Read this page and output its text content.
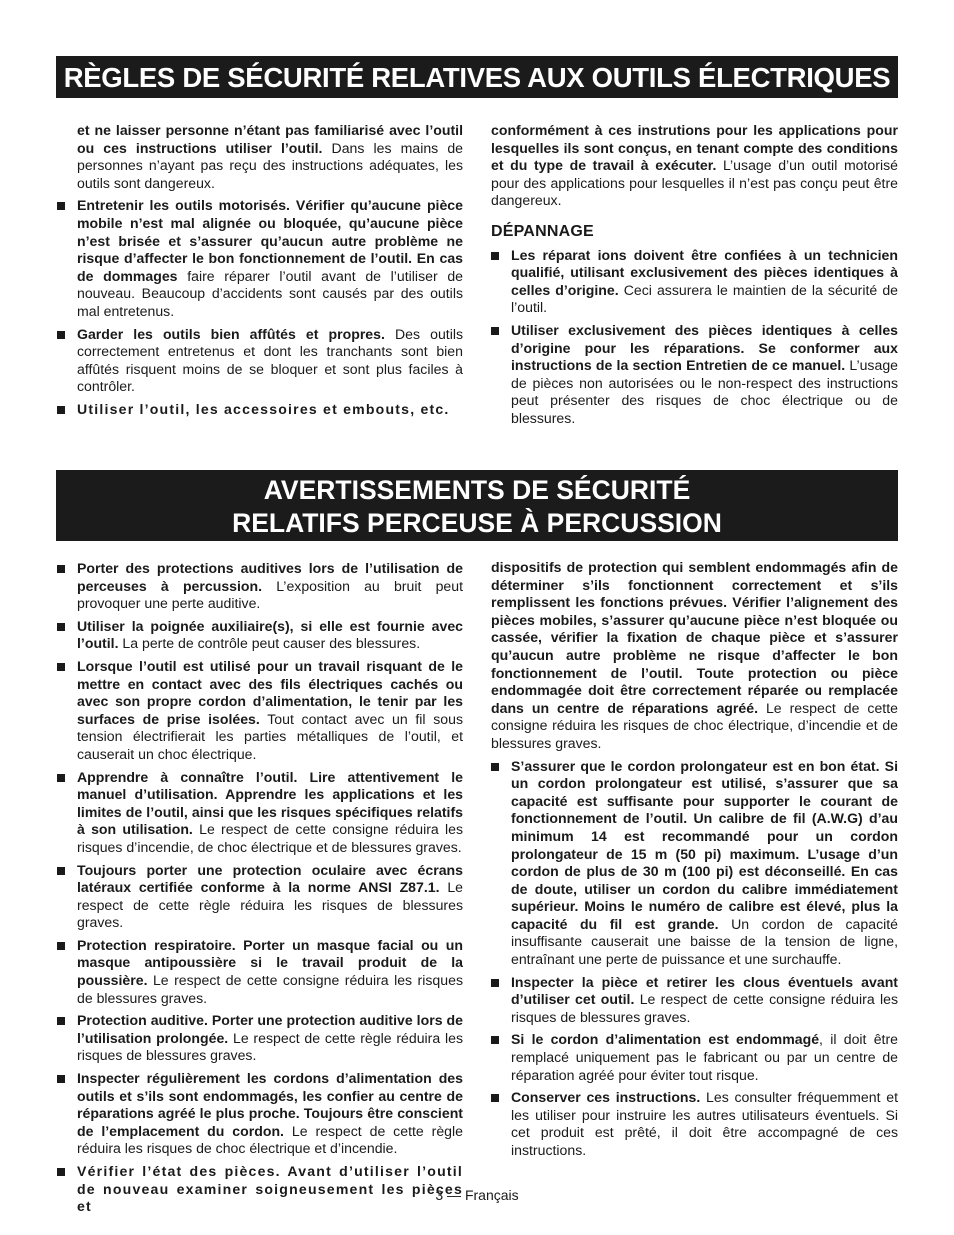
RÈGLES DE SÉCURITÉ RELATIVES AUX OUTILS ÉLECTRIQUES

et ne laisser personne n’étant pas familiarisé avec l’outil ou ces instructions utiliser l’outil. Dans les mains de personnes n’ayant pas reçu des instructions adéquates, les outils sont dangereux.

Entretenir les outils motorisés. Vérifier qu’aucune pièce mobile n’est mal alignée ou bloquée, qu’aucune pièce n’est brisée et s’assurer qu’aucun autre problème ne risque d’affecter le bon fonctionnement de l’outil. En cas de dommages faire réparer l’outil avant de l’utiliser de nouveau. Beaucoup d’accidents sont causés par des outils mal entretenus.

Garder les outils bien affûtés et propres. Des outils correctement entretenus et dont les tranchants sont bien affûtés risquent moins de se bloquer et sont plus faciles à contrôler.

Utiliser l’outil, les accessoires et embouts, etc.

conformément à ces instrutions pour les applications pour lesquelles ils sont conçus, en tenant compte des conditions et du type de travail à exécuter. L’usage d’un outil motorisé pour des applications pour lesquelles il n’est pas conçu peut être dangereux.

DÉPANNAGE

Les réparat ions doivent être confiées à un technicien qualifié, utilisant exclusivement des pièces identiques à celles d’origine. Ceci assurera le maintien de la sécurité de l’outil.

Utiliser exclusivement des pièces identiques à celles d’origine pour les réparations. Se conformer aux instructions de la section Entretien de ce manuel. L’usage de pièces non autorisées ou le non-respect des instructions peut présenter des risques de choc électrique ou de blessures.

AVERTISSEMENTS DE SÉCURITÉ
RELATIFS PERCEUSE À PERCUSSION

Porter des protections auditives lors de l’utilisation de perceuses à percussion. L’exposition au bruit peut provoquer une perte auditive.

Utiliser la poignée auxiliaire(s), si elle est fournie avec l’outil. La perte de contrôle peut causer des blessures.

Lorsque l’outil est utilisé pour un travail risquant de le mettre en contact avec des fils électriques cachés ou avec son propre cordon d’alimentation, le tenir par les surfaces de prise isolées. Tout contact avec un fil sous tension électrifierait les parties métalliques de l’outil, et causerait un choc électrique.

Apprendre à connaître l’outil. Lire attentivement le manuel d’utilisation. Apprendre les applications et les limites de l’outil, ainsi que les risques spécifiques relatifs à son utilisation. Le respect de cette consigne réduira les risques d’incendie, de choc électrique et de blessures graves.

Toujours porter une protection oculaire avec écrans latéraux certifiée conforme à la norme ANSI Z87.1. Le respect de cette règle réduira les risques de blessures graves.

Protection respiratoire. Porter un masque facial ou un masque antipoussière si le travail produit de la poussière. Le respect de cette consigne réduira les risques de blessures graves.

Protection auditive. Porter une protection auditive lors de l’utilisation prolongée. Le respect de cette règle réduira les risques de blessures graves.

Inspecter régulièrement les cordons d’alimentation des outils et s’ils sont endommagés, les confier au centre de réparations agréé le plus proche. Toujours être conscient de l’emplacement du cordon. Le respect de cette règle réduira les risques de choc électrique et d’incendie.

Vérifier l’état des pièces. Avant d’utiliser l’outil de nouveau examiner soigneusement les pièces et

dispositifs de protection qui semblent endommagés afin de déterminer s’ils fonctionnent correctement et s’ils remplissent les fonctions prévues. Vérifier l’alignement des pièces mobiles, s’assurer qu’aucune pièce n’est bloquée ou cassée, vérifier la fixation de chaque pièce et s’assurer qu’aucun autre problème ne risque d’affecter le bon fonctionnement de l’outil. Toute protection ou pièce endommagée doit être correctement réparée ou remplacée dans un centre de réparations agréé. Le respect de cette consigne réduira les risques de choc électrique, d’incendie et de blessures graves.

S’assurer que le cordon prolongateur est en bon état. Si un cordon prolongateur est utilisé, s’assurer que sa capacité est suffisante pour supporter le courant de fonctionnement de l’outil. Un calibre de fil (A.W.G) d’au minimum 14 est recommandé pour un cordon prolongateur de 15 m (50 pi) maximum. L’usage d’un cordon de plus de 30 m (100 pi) est déconseillé. En cas de doute, utiliser un cordon du calibre immédiatement supérieur. Moins le numéro de calibre est élevé, plus la capacité du fil est grande. Un cordon de capacité insuffisante causerait une baisse de la tension de ligne, entraînant une perte de puissance et une surchauffe.

Inspecter la pièce et retirer les clous éventuels avant d’utiliser cet outil. Le respect de cette consigne réduira les risques de blessures graves.

Si le cordon d’alimentation est endommagé, il doit être remplacé uniquement pas le fabricant ou par un centre de réparation agréé pour éviter tout risque.

Conserver ces instructions. Les consulter fréquemment et les utiliser pour instruire les autres utilisateurs éventuels. Si cet produit est prêté, il doit être accompagné de ces instructions.

3 — Français
